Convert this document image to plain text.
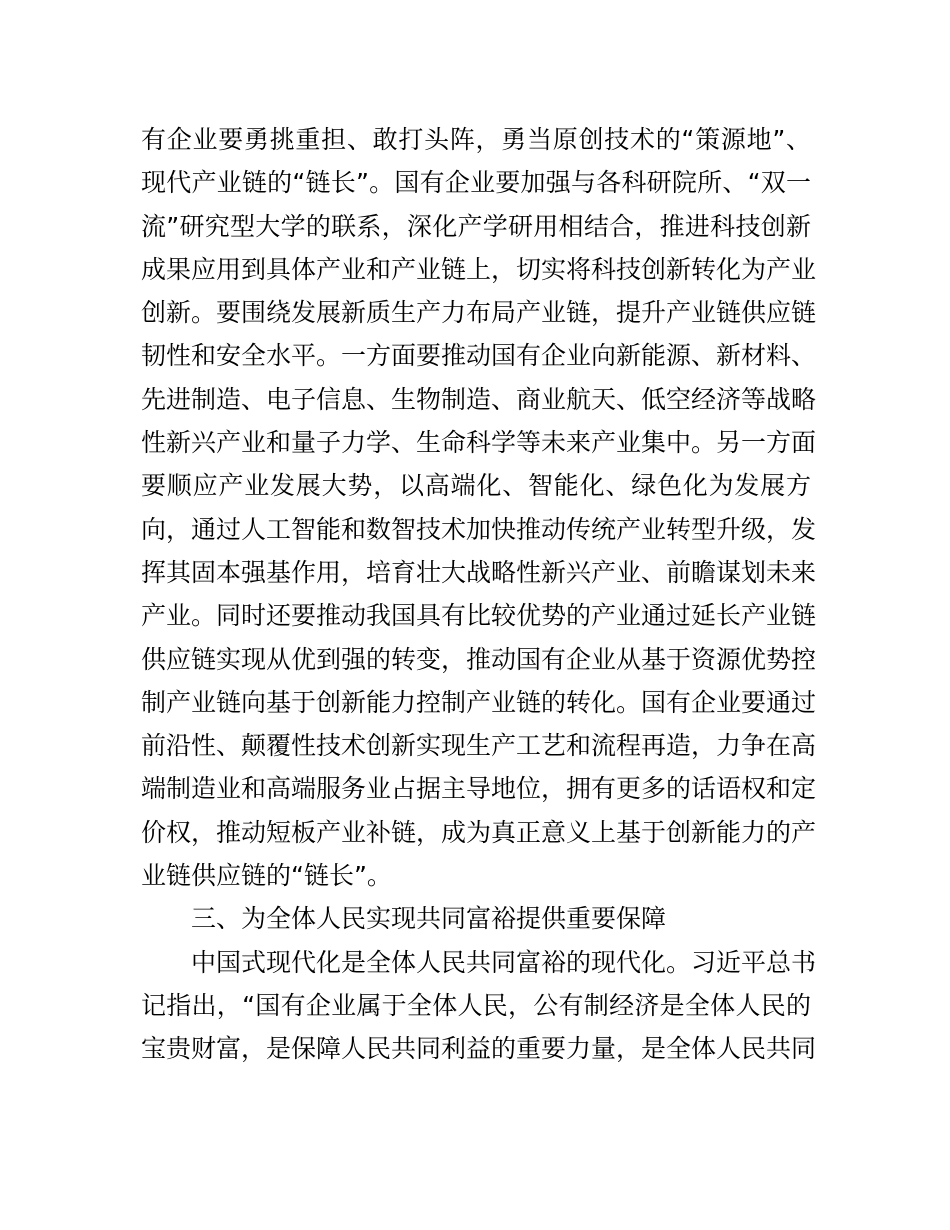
有企业要勇挑重担、敢打头阵，勇当原创技术的“策源地”、
现代产业链的“链长”。国有企业要加强与各科研院所、“双一
流”研究型大学的联系，深化产学研用相结合，推进科技创新
成果应用到具体产业和产业链上，切实将科技创新转化为产业
创新。要围绕发展新质生产力布局产业链，提升产业链供应链
韧性和安全水平。一方面要推动国有企业向新能源、新材料、
先进制造、电子信息、生物制造、商业航天、低空经济等战略
性新兴产业和量子力学、生命科学等未来产业集中。另一方面
要顺应产业发展大势，以高端化、智能化、绿色化为发展方
向，通过人工智能和数智技术加快推动传统产业转型升级，发
挥其固本强基作用，培育壮大战略性新兴产业、前瞻谋划未来
产业。同时还要推动我国具有比较优势的产业通过延长产业链
供应链实现从优到强的转变，推动国有企业从基于资源优势控
制产业链向基于创新能力控制产业链的转化。国有企业要通过
前沿性、颠覆性技术创新实现生产工艺和流程再造，力争在高
端制造业和高端服务业占据主导地位，拥有更多的话语权和定
价权，推动短板产业补链，成为真正意义上基于创新能力的产
业链供应链的“链长”。
三、为全体人民实现共同富裕提供重要保障
中国式现代化是全体人民共同富裕的现代化。习近平总书
记指出，“国有企业属于全体人民，公有制经济是全体人民的
宝贵财富，是保障人民共同利益的重要力量，是全体人民共同
